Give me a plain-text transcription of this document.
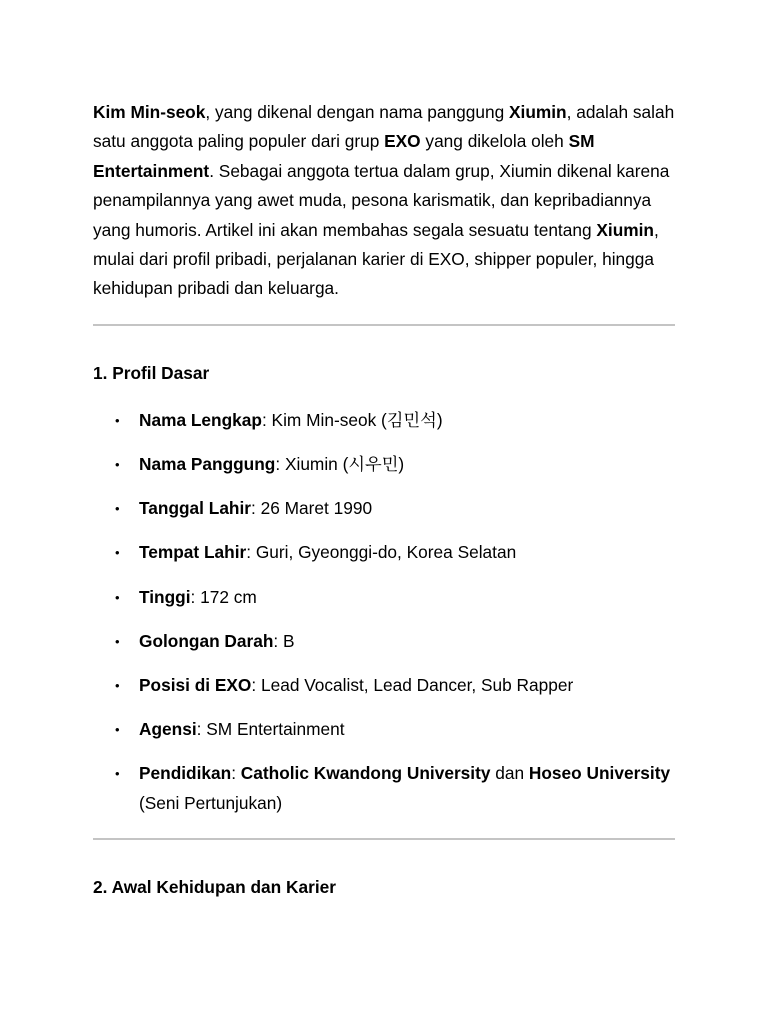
Kim Min-seok, yang dikenal dengan nama panggung Xiumin, adalah salah satu anggota paling populer dari grup EXO yang dikelola oleh SM Entertainment. Sebagai anggota tertua dalam grup, Xiumin dikenal karena penampilannya yang awet muda, pesona karismatik, dan kepribadiannya yang humoris. Artikel ini akan membahas segala sesuatu tentang Xiumin, mulai dari profil pribadi, perjalanan karier di EXO, shipper populer, hingga kehidupan pribadi dan keluarga.

1. Profil Dasar
• Nama Lengkap: Kim Min-seok (김민석)
• Nama Panggung: Xiumin (시우민)
• Tanggal Lahir: 26 Maret 1990
• Tempat Lahir: Guri, Gyeonggi-do, Korea Selatan
• Tinggi: 172 cm
• Golongan Darah: B
• Posisi di EXO: Lead Vocalist, Lead Dancer, Sub Rapper
• Agensi: SM Entertainment
• Pendidikan: Catholic Kwandong University dan Hoseo University (Seni Pertunjukan)
2. Awal Kehidupan dan Karier
